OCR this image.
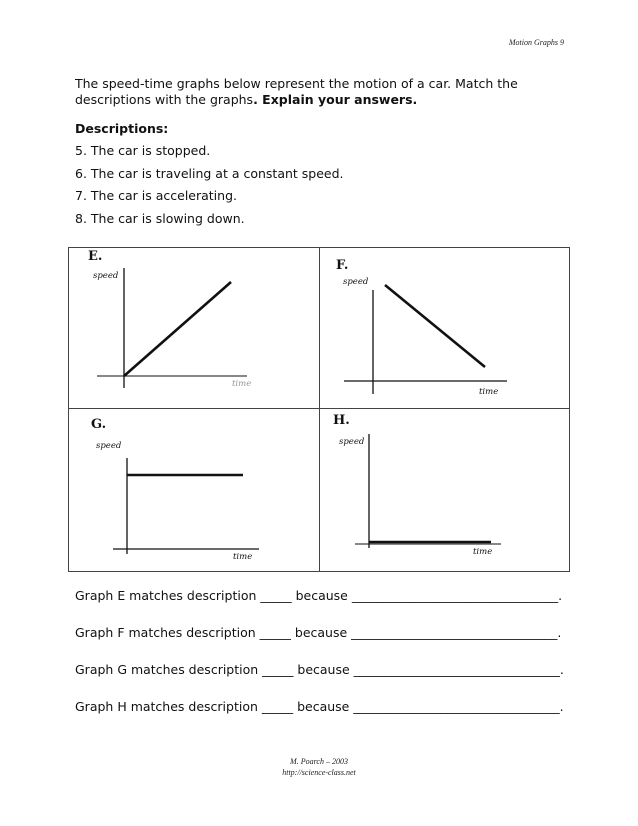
Motion Graphs 9
The speed-time graphs below represent the motion of a car. Match the descriptions with the graphs. Explain your answers.
Descriptions:
5. The car is stopped.
6. The car is traveling at a constant speed.
7. The car is accelerating.
8. The car is slowing down.
E.
speed
time
F.
speed
time
G.
speed
time
H.
speed
time
Graph E matches description _____ because _________________________________.
Graph F matches description _____ because _________________________________.
Graph G matches description _____ because _________________________________.
Graph H matches description _____ because _________________________________.
M. Poarch – 2003
http://science-class.net
